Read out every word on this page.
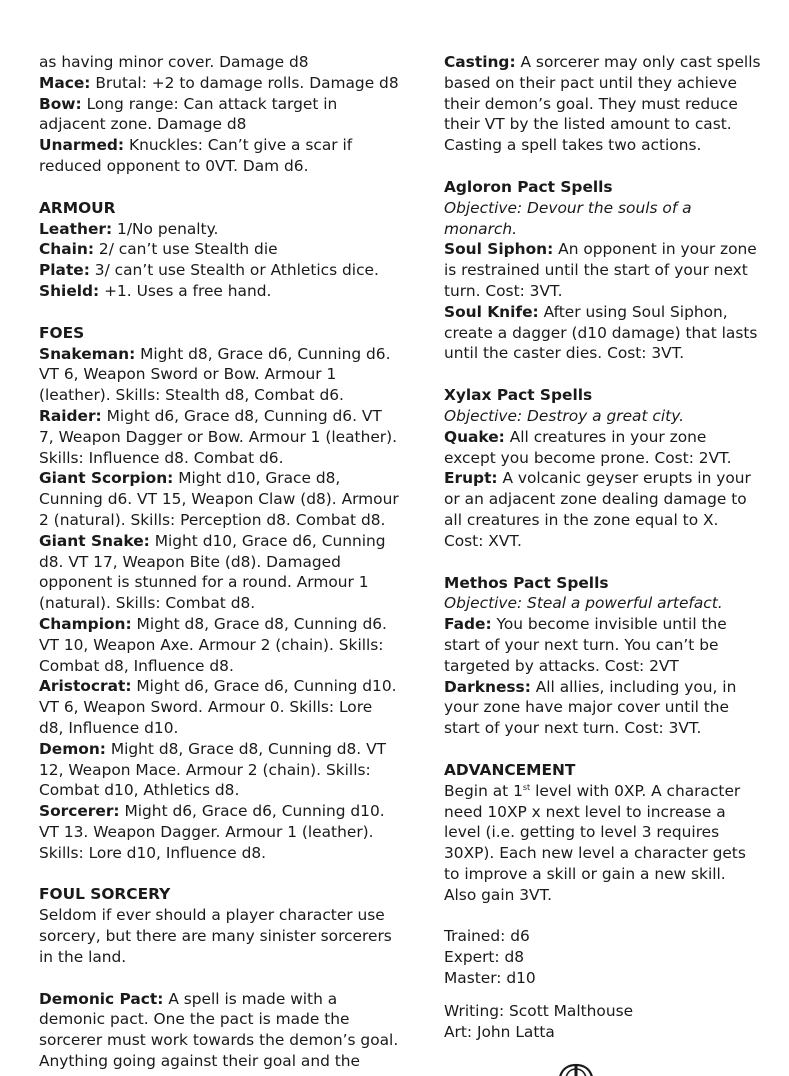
as having minor cover. Damage d8

Mace: Brutal: +2 to damage rolls. Damage d8

Bow: Long range: Can attack target in adjacent zone. Damage d8

Unarmed: Knuckles: Can’t give a scar if reduced opponent to 0VT. Dam d6.

ARMOUR

Leather: 1/No penalty.

Chain: 2/ can’t use Stealth die

Plate: 3/ can’t use Stealth or Athletics dice.

Shield: +1. Uses a free hand.

FOES

Snakeman: Might d8, Grace d6, Cunning d6. VT 6, Weapon Sword or Bow. Armour 1 (leather). Skills: Stealth d8, Combat d6.

Raider: Might d6, Grace d8, Cunning d6. VT 7, Weapon Dagger or Bow. Armour 1 (leather). Skills: Influence d8. Combat d6.

Giant Scorpion: Might d10, Grace d8, Cunning d6. VT 15, Weapon Claw (d8). Armour 2 (natural). Skills: Perception d8. Combat d8.

Giant Snake: Might d10, Grace d6, Cunning d8. VT 17, Weapon Bite (d8). Damaged opponent is stunned for a round. Armour 1 (natural). Skills: Combat d8.

Champion: Might d8, Grace d8, Cunning d6. VT 10, Weapon Axe. Armour 2 (chain). Skills: Combat d8, Influence d8.

Aristocrat: Might d6, Grace d6, Cunning d10. VT 6, Weapon Sword. Armour 0. Skills: Lore d8, Influence d10.

Demon: Might d8, Grace d8, Cunning d8. VT 12, Weapon Mace. Armour 2 (chain). Skills: Combat d10, Athletics d8.

Sorcerer: Might d6, Grace d6, Cunning d10. VT 13. Weapon Dagger. Armour 1 (leather). Skills: Lore d10, Influence d8.

FOUL SORCERY

Seldom if ever should a player character use sorcery, but there are many sinister sorcerers in the land.

Demonic Pact: A spell is made with a demonic pact. One the pact is made the sorcerer must work towards the demon’s goal. Anything going against their goal and the

Casting: A sorcerer may only cast spells based on their pact until they achieve their demon’s goal. They must reduce their VT by the listed amount to cast. Casting a spell takes two actions.

Agloron Pact Spells
Objective: Devour the souls of a monarch.

Soul Siphon: An opponent in your zone is restrained until the start of your next turn. Cost: 3VT.

Soul Knife: After using Soul Siphon, create a dagger (d10 damage) that lasts until the caster dies. Cost: 3VT.

Xylax Pact Spells
Objective: Destroy a great city.

Quake: All creatures in your zone except you become prone. Cost: 2VT.

Erupt: A volcanic geyser erupts in your or an adjacent zone dealing damage to all creatures in the zone equal to X. Cost: XVT.

Methos Pact Spells
Objective: Steal a powerful artefact.

Fade: You become invisible until the start of your next turn. You can’t be targeted by attacks. Cost: 2VT

Darkness: All allies, including you, in your zone have major cover until the start of your next turn. Cost: 3VT.

ADVANCEMENT

Begin at 1st level with 0XP. A character need 10XP x next level to increase a level (i.e. getting to level 3 requires 30XP). Each new level a character gets to improve a skill or gain a new skill. Also gain 3VT.

Trained: d6

Expert: d8

Master: d10

Writing: Scott Malthouse

Art: John Latta
